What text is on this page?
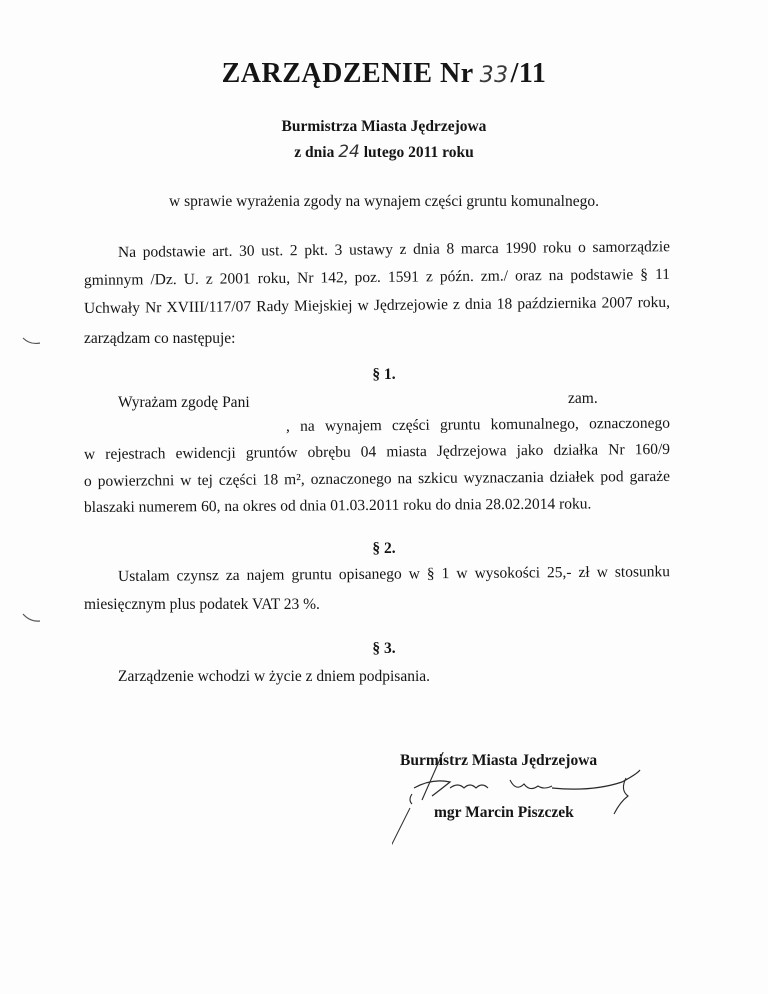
ZARZĄDZENIE Nr 33/11
Burmistrza Miasta Jędrzejowa
z dnia 24 lutego 2011 roku
w sprawie wyrażenia zgody na wynajem części gruntu komunalnego.
Na podstawie art. 30 ust. 2 pkt. 3 ustawy z dnia 8 marca 1990 roku o samorządzie
gminnym /Dz. U. z 2001 roku, Nr 142, poz. 1591 z późn. zm./ oraz na podstawie § 11
Uchwały Nr XVIII/117/07 Rady Miejskiej w Jędrzejowie z dnia 18 października 2007 roku,
zarządzam co następuje:
§ 1.
Wyrażam zgodę Pani	zam.
, na wynajem części gruntu komunalnego, oznaczonego
w rejestrach ewidencji gruntów obrębu 04 miasta Jędrzejowa jako działka Nr 160/9
o powierzchni w tej części 18 m², oznaczonego na szkicu wyznaczania działek pod garaże
blaszaki numerem 60, na okres od dnia 01.03.2011 roku do dnia 28.02.2014 roku.
§ 2.
Ustalam czynsz za najem gruntu opisanego w § 1 w wysokości 25,- zł w stosunku
miesięcznym plus podatek VAT 23 %.
§ 3.
Zarządzenie wchodzi w życie z dniem podpisania.
Burmistrz Miasta Jędrzejowa
mgr Marcin Piszczek
